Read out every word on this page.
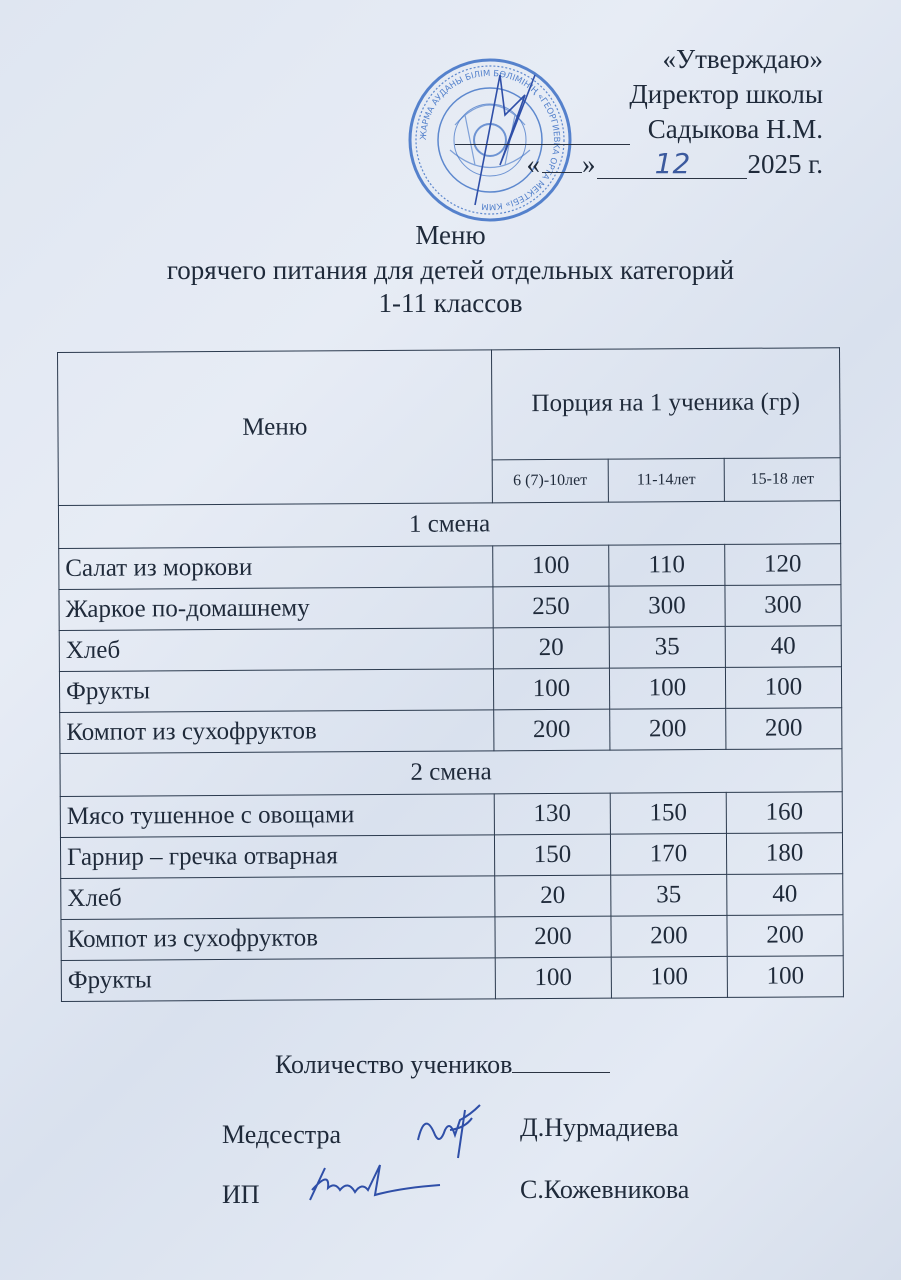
ЖАРМА АУДАНЫ БІЛІМ БӨЛІМІНІҢ «ГЕОРГИЕВКА ОРТА МЕКТЕБІ» КММ
«Утверждаю»
Директор школы
Садыкова Н.М.
« »	12	2025 г.
Меню
горячего питания для детей отдельных категорий
1-11 классов
Меню	Порция на 1 ученика (гр)		
	6 (7)-10лет	11-14лет	15-18 лет
1 смена			
Салат из моркови	100	110	120
Жаркое по-домашнему	250	300	300
Хлеб	20	35	40
Фрукты	100	100	100
Компот из сухофруктов	200	200	200
2 смена			
Мясо тушенное с овощами	130	150	160
Гарнир – гречка отварная	150	170	180
Хлеб	20	35	40
Компот из сухофруктов	200	200	200
Фрукты	100	100	100
Количество учеников
Медсестра	Д.Нурмадиева
ИП	С.Кожевникова
